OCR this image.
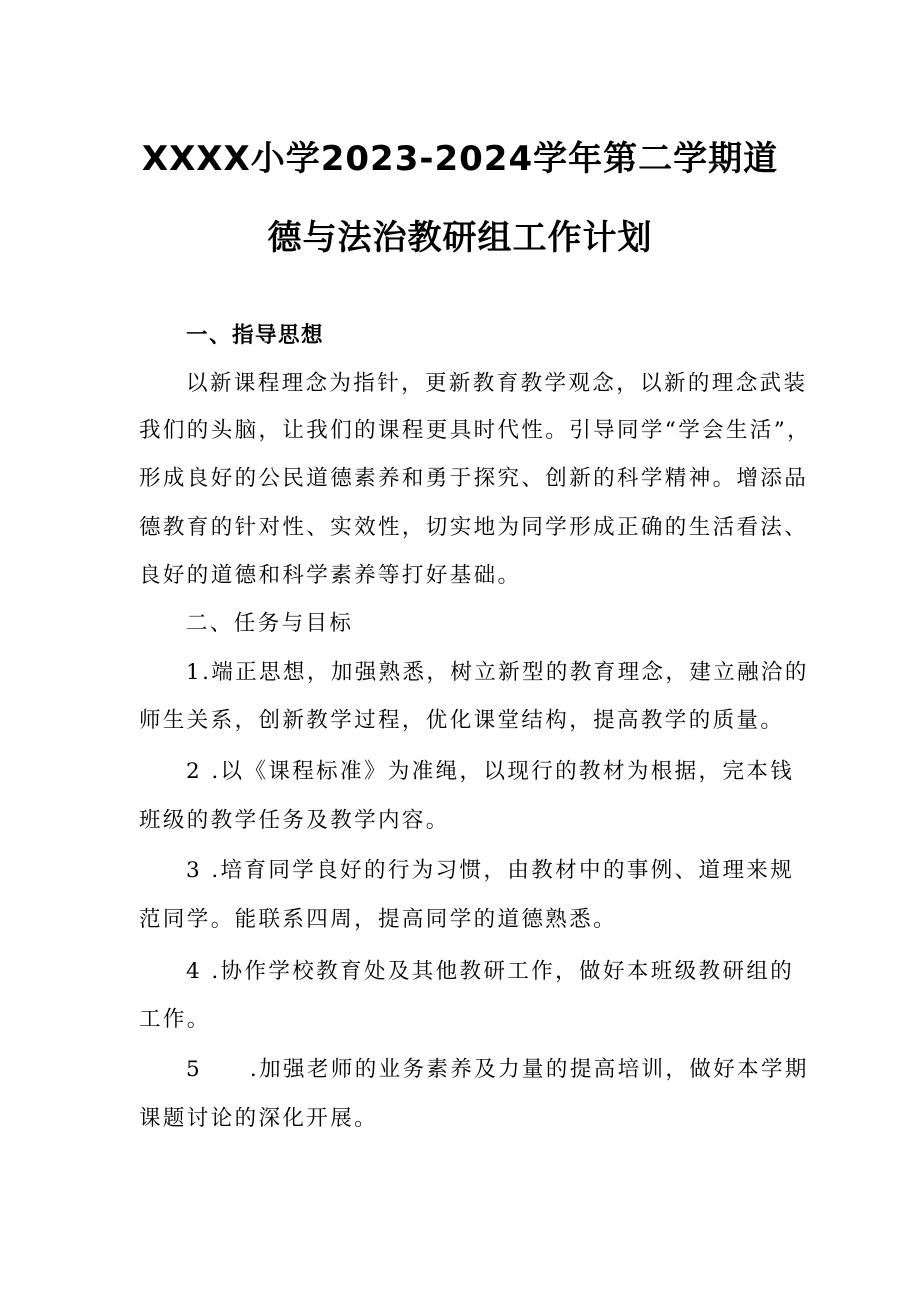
XXXX小学2023-2024学年第二学期道
德与法治教研组工作计划

一、指导思想

以新课程理念为指针，更新教育教学观念，以新的理念武装

我们的头脑，让我们的课程更具时代性。引导同学“学会生活”，

形成良好的公民道德素养和勇于探究、创新的科学精神。增添品

德教育的针对性、实效性，切实地为同学形成正确的生活看法、

良好的道德和科学素养等打好基础。

二、任务与目标

1.端正思想，加强熟悉，树立新型的教育理念，建立融洽的

师生关系，创新教学过程，优化课堂结构，提高教学的质量。

2 .以《课程标准》为准绳，以现行的教材为根据，完本钱

班级的教学任务及教学内容。

3 .培育同学良好的行为习惯，由教材中的事例、道理来规

范同学。能联系四周，提高同学的道德熟悉。

4 .协作学校教育处及其他教研工作，做好本班级教研组的

工作。

5　　.加强老师的业务素养及力量的提高培训，做好本学期

课题讨论的深化开展。
